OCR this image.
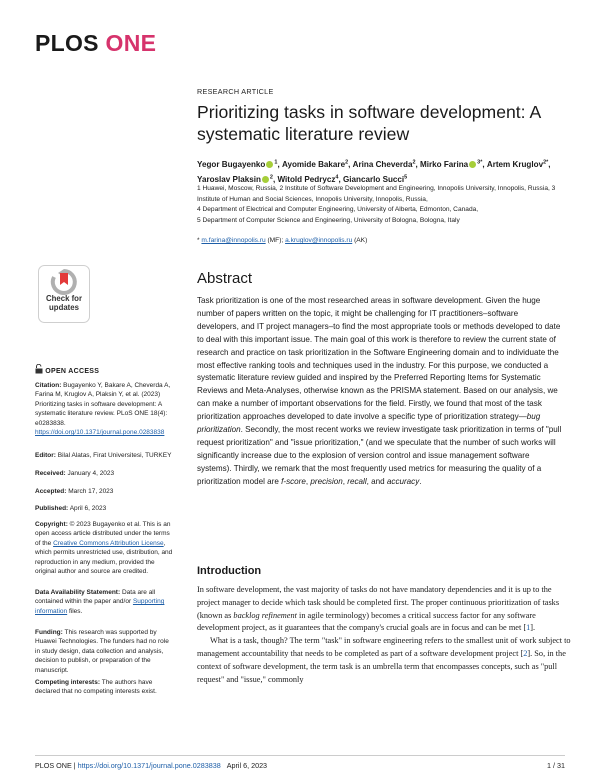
PLOS ONE
RESEARCH ARTICLE
Prioritizing tasks in software development: A systematic literature review
Yegor Bugayenko $^1$, Ayomide Bakare$^2$, Arina Cheverda$^2$, Mirko Farina $^{3*}$, Artem Kruglov$^{2*}$, Yaroslav Plaksin $^2$, Witold Pedrycz$^4$, Giancarlo Succi$^5$
1 Huawei, Moscow, Russia, 2 Institute of Software Development and Engineering, Innopolis University, Innopolis, Russia, 3 Institute of Human and Social Sciences, Innopolis University, Innopolis, Russia,
4 Department of Electrical and Computer Engineering, University of Alberta, Edmonton, Canada,
5 Department of Computer Science and Engineering, University of Bologna, Bologna, Italy
* m.farina@innopolis.ru (MF); a.kruglov@innopolis.ru (AK)
Abstract
Task prioritization is one of the most researched areas in software development. Given the huge number of papers written on the topic, it might be challenging for IT practitioners–software developers, and IT project managers–to find the most appropriate tools or methods developed to date to deal with this important issue. The main goal of this work is therefore to review the current state of research and practice on task prioritization in the Software Engineering domain and to individuate the most effective ranking tools and techniques used in the industry. For this purpose, we conducted a systematic literature review guided and inspired by the Preferred Reporting Items for Systematic Reviews and Meta-Analyses, otherwise known as the PRISMA statement. Based on our analysis, we can make a number of important observations for the field. Firstly, we found that most of the task prioritization approaches developed to date involve a specific type of prioritization strategy—bug prioritization. Secondly, the most recent works we review investigate task prioritization in terms of "pull request prioritization" and "issue prioritization," (and we speculate that the number of such works will significantly increase due to the explosion of version control and issue management software systems). Thirdly, we remark that the most frequently used metrics for measuring the quality of a prioritization model are f-score, precision, recall, and accuracy.
Introduction

In software development, the vast majority of tasks do not have mandatory dependencies and it is up to the project manager to decide which task should be completed first. The proper continuous prioritization of tasks (known as backlog refinement in agile terminology) becomes a critical success factor for any software development project, as it guarantees that the company's crucial goals are in focus and can be met [1].

What is a task, though? The term "task" in software engineering refers to the smallest unit of work subject to management accountability that needs to be completed as part of a software development project [2]. So, in the context of software development, the term task is an umbrella term that encompasses concepts, such as "pull request" and "issue," commonly

Check for
updates
OPEN ACCESS
Citation: Bugayenko Y, Bakare A, Cheverda A, Farina M, Kruglov A, Plaksin Y, et al. (2023) Prioritizing tasks in software development: A systematic literature review. PLoS ONE 18(4): e0283838. https://doi.org/10.1371/journal.pone.0283838
Editor: Bilal Alatas, Firat Universitesi, TURKEY
Received: January 4, 2023
Accepted: March 17, 2023
Published: April 6, 2023
Copyright: © 2023 Bugayenko et al. This is an open access article distributed under the terms of the Creative Commons Attribution License, which permits unrestricted use, distribution, and reproduction in any medium, provided the original author and source are credited.
Data Availability Statement: Data are all contained within the paper and/or Supporting information files.
Funding: This research was supported by Huawei Technologies. The funders had no role in study design, data collection and analysis, decision to publish, or preparation of the manuscript.
Competing interests: The authors have declared that no competing interests exist.
PLOS ONE | https://doi.org/10.1371/journal.pone.0283838 April 6, 2023	1 / 31
